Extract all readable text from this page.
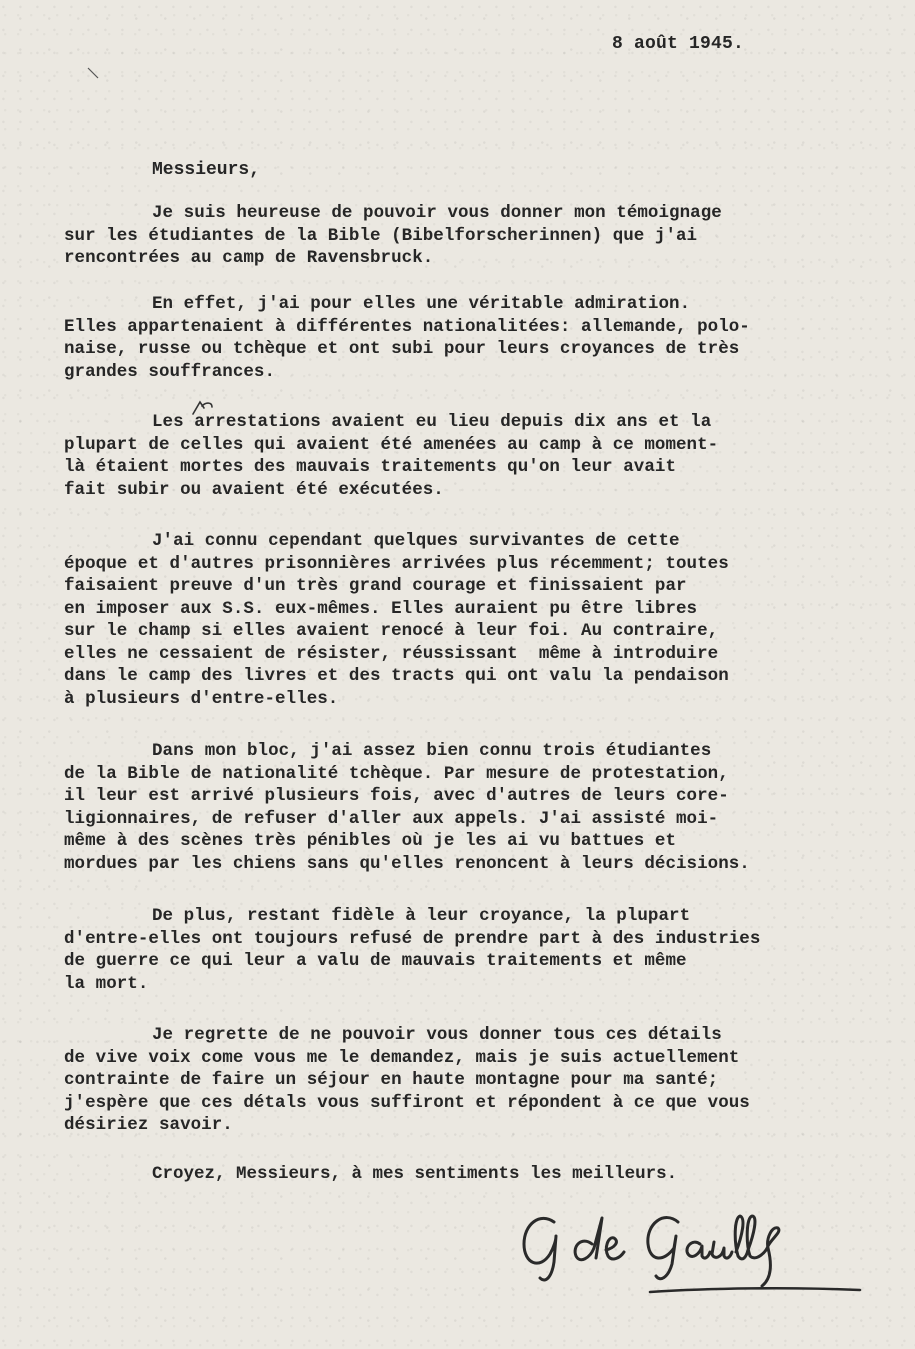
8 août 1945.
Messieurs,
Je suis heureuse de pouvoir vous donner mon témoignage
sur les étudiantes de la Bible (Bibelforscherinnen) que j'ai
rencontrées au camp de Ravensbruck.
En effet, j'ai pour elles une véritable admiration.
Elles appartenaient à différentes nationalitées: allemande, polo-
naise, russe ou tchèque et ont subi pour leurs croyances de très
grandes souffrances.
Les arrestations avaient eu lieu depuis dix ans et la
plupart de celles qui avaient été amenées au camp à ce moment-
là étaient mortes des mauvais traitements qu'on leur avait
fait subir ou avaient été exécutées.
J'ai connu cependant quelques survivantes de cette
époque et d'autres prisonnières arrivées plus récemment; toutes
faisaient preuve d'un très grand courage et finissaient par
en imposer aux S.S. eux-mêmes. Elles auraient pu être libres
sur le champ si elles avaient renocé à leur foi. Au contraire,
elles ne cessaient de résister, réussissant  même à introduire
dans le camp des livres et des tracts qui ont valu la pendaison
à plusieurs d'entre-elles.
Dans mon bloc, j'ai assez bien connu trois étudiantes
de la Bible de nationalité tchèque. Par mesure de protestation,
il leur est arrivé plusieurs fois, avec d'autres de leurs core-
ligionnaires, de refuser d'aller aux appels. J'ai assisté moi-
même à des scènes très pénibles où je les ai vu battues et
mordues par les chiens sans qu'elles renoncent à leurs décisions.
De plus, restant fidèle à leur croyance, la plupart
d'entre-elles ont toujours refusé de prendre part à des industries
de guerre ce qui leur a valu de mauvais traitements et même
la mort.
Je regrette de ne pouvoir vous donner tous ces détails
de vive voix come vous me le demandez, mais je suis actuellement
contrainte de faire un séjour en haute montagne pour ma santé;
j'espère que ces détals vous suffiront et répondent à ce que vous
désiriez savoir.
Croyez, Messieurs, à mes sentiments les meilleurs.
